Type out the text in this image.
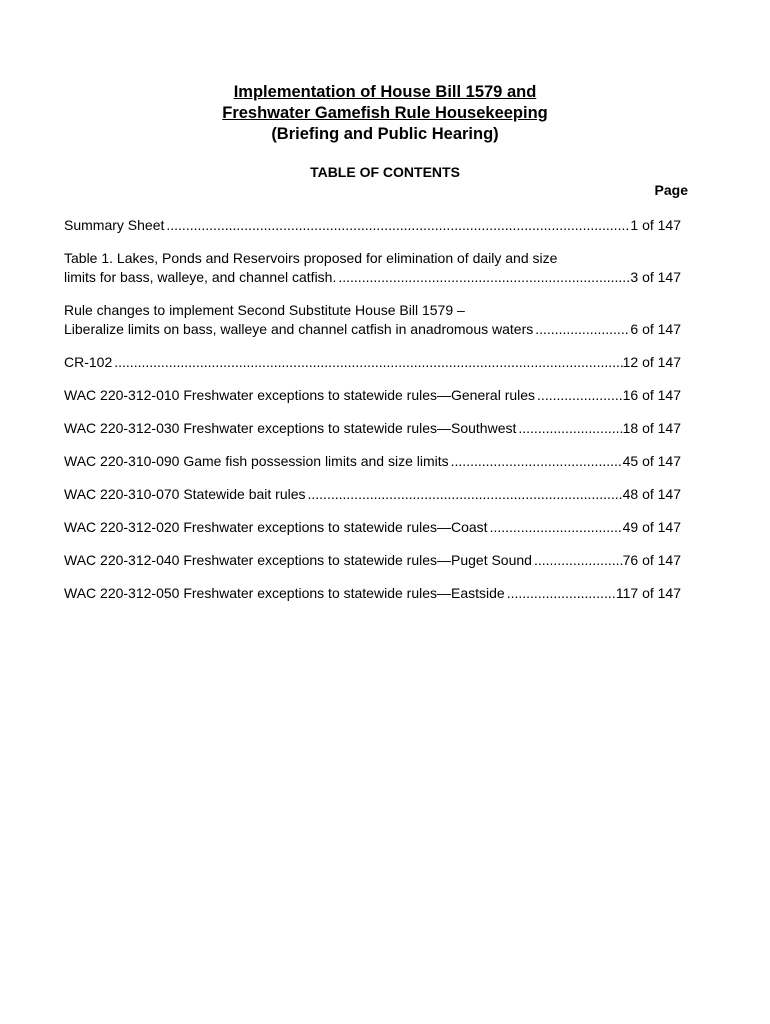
Implementation of House Bill 1579 and
Freshwater Gamefish Rule Housekeeping
(Briefing and Public Hearing)
TABLE OF CONTENTS
Page
Summary Sheet .....	1 of 147
Table 1. Lakes, Ponds and Reservoirs proposed for elimination of daily and size
limits for bass, walleye, and channel catfish. .....	3 of 147
Rule changes to implement Second Substitute House Bill 1579 –
Liberalize limits on bass, walleye and channel catfish in anadromous waters .....	6 of 147
CR-102 .....	12 of 147
WAC 220-312-010 Freshwater exceptions to statewide rules—General rules .....	16 of 147
WAC 220-312-030 Freshwater exceptions to statewide rules—Southwest .....	18 of 147
WAC 220-310-090 Game fish possession limits and size limits .....	45 of 147
WAC 220-310-070 Statewide bait rules .....	48 of 147
WAC 220-312-020 Freshwater exceptions to statewide rules—Coast .....	49 of 147
WAC 220-312-040 Freshwater exceptions to statewide rules—Puget Sound .....	76 of 147
WAC 220-312-050 Freshwater exceptions to statewide rules—Eastside .....	117 of 147
